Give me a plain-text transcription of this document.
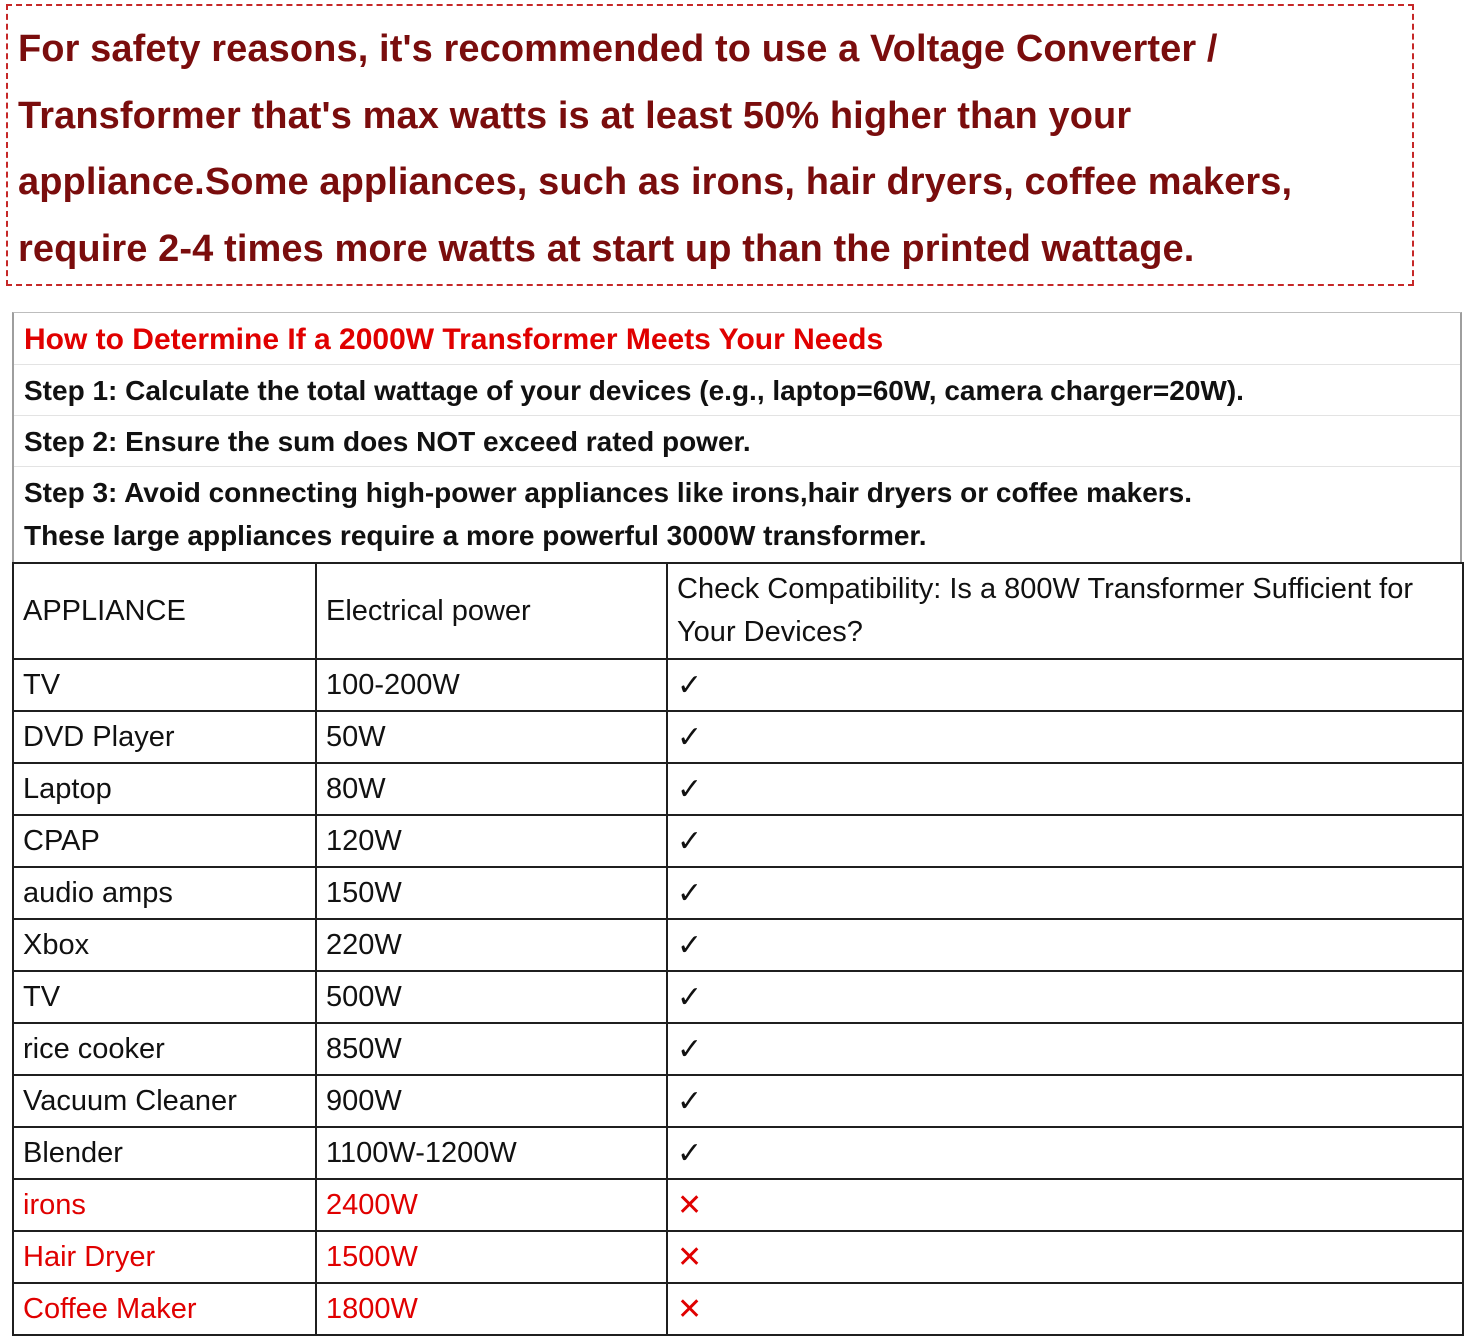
For safety reasons, it's recommended to use a Voltage Converter /

Transformer that's max watts is at least 50% higher than your

appliance.Some appliances, such as irons, hair dryers, coffee makers,

require 2-4 times more watts at start up than the printed wattage.

How to Determine If a 2000W Transformer Meets Your Needs
Step 1: Calculate the total wattage of your devices (e.g., laptop=60W, camera charger=20W).
Step 2: Ensure the sum does NOT exceed rated power.
Step 3: Avoid connecting high-power appliances like irons,hair dryers or coffee makers.
These large appliances require a more powerful 3000W transformer.
APPLIANCE	Electrical power	Check Compatibility: Is a 800W Transformer Sufficient for Your Devices?
TV	100-200W	✓
DVD Player	50W	✓
Laptop	80W	✓
CPAP	120W	✓
audio amps	150W	✓
Xbox	220W	✓
TV	500W	✓
rice cooker	850W	✓
Vacuum Cleaner	900W	✓
Blender	1100W-1200W	✓
irons	2400W	✕
Hair Dryer	1500W	✕
Coffee Maker	1800W	✕
